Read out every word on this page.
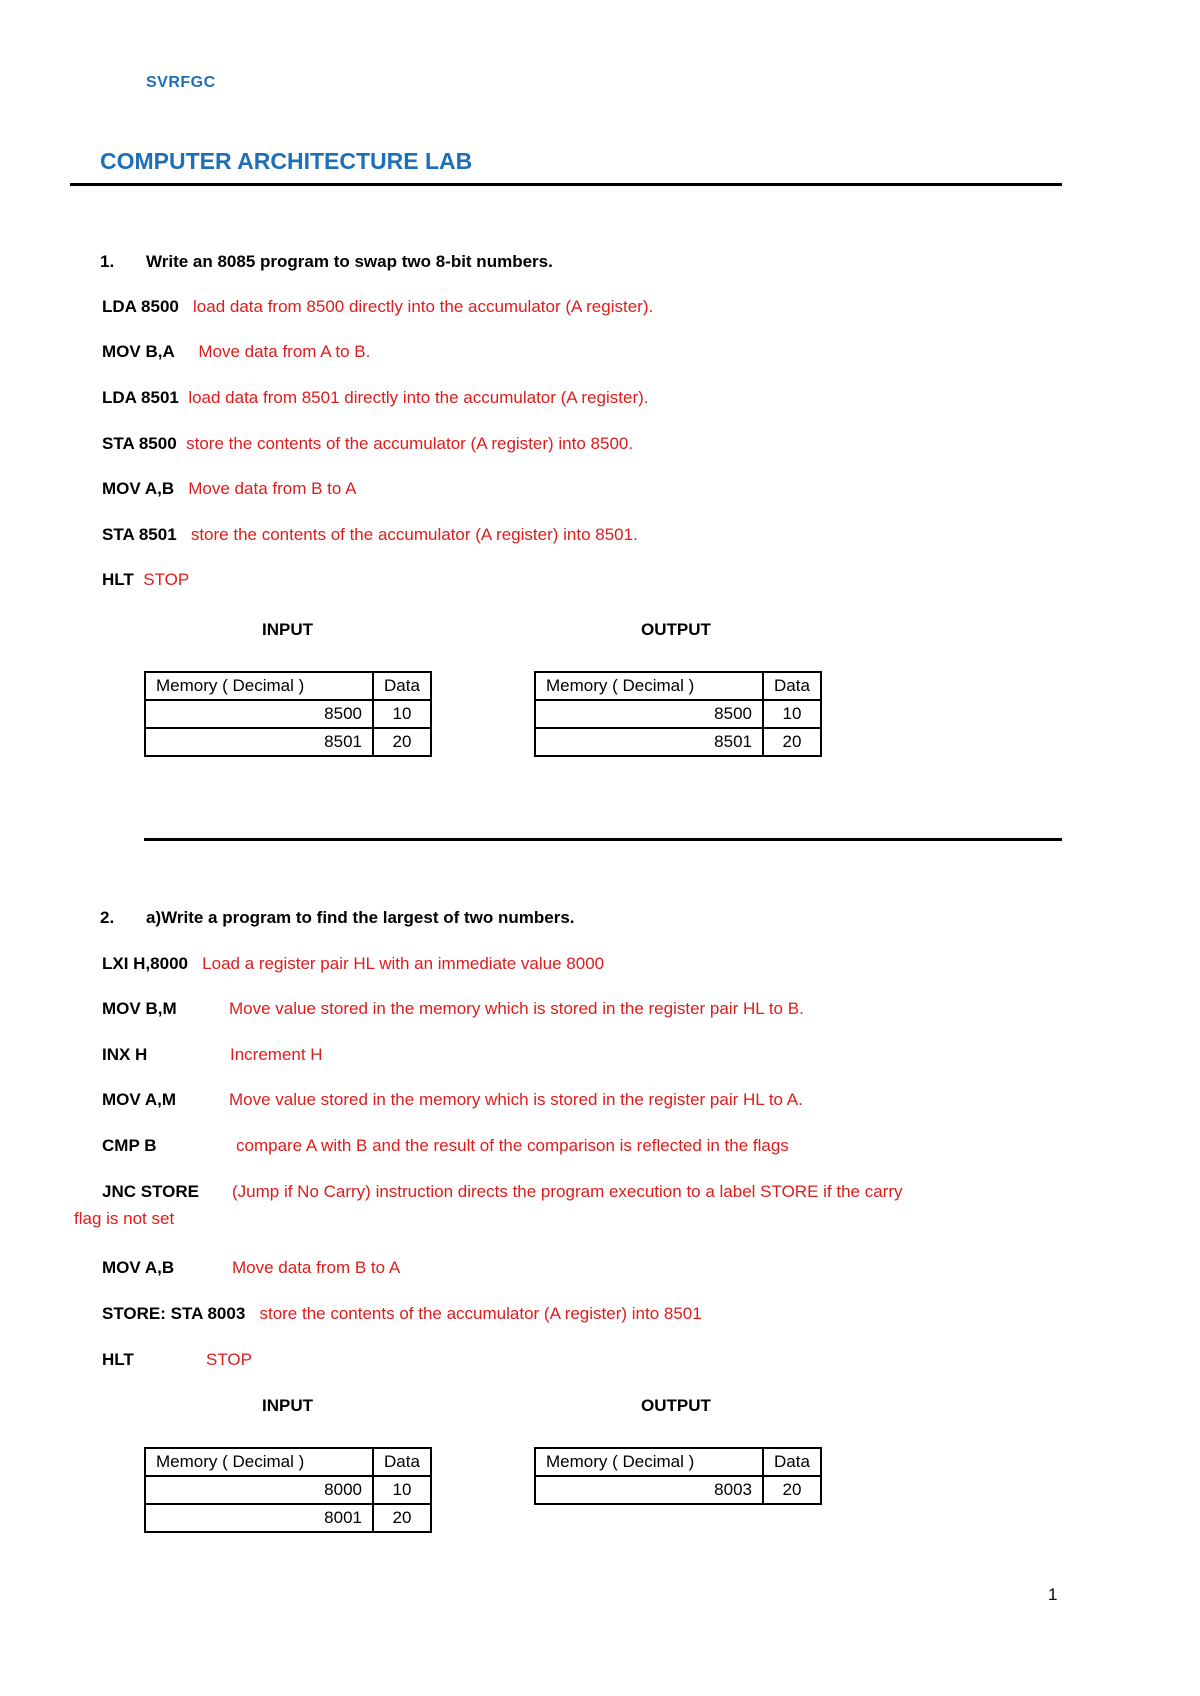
SVRFGC
COMPUTER ARCHITECTURE LAB
1. Write an 8085 program to swap two 8-bit numbers.
LDA 8500 load data from 8500 directly into the accumulator (A register).
MOV B,A Move data from A to B.
LDA 8501 load data from 8501 directly into the accumulator (A register).
STA 8500 store the contents of the accumulator (A register) into 8500.
MOV A,B Move data from B to A
STA 8501 store the contents of the accumulator (A register) into 8501.
HLT STOP
INPUT	OUTPUT
Memory ( Decimal )	Data
8500	10
8501	20
Memory ( Decimal )	Data
8500	10
8501	20
2. a)Write a program to find the largest of two numbers.
LXI H,8000 Load a register pair HL with an immediate value 8000
MOV B,M	Move value stored in the memory which is stored in the register pair HL to B.
INX H	Increment H
MOV A,M	Move value stored in the memory which is stored in the register pair HL to A.
CMP B	compare A with B and the result of the comparison is reflected in the flags
JNC STORE (Jump if No Carry) instruction directs the program execution to a label STORE if the carry
flag is not set
MOV A,B	Move data from B to A
STORE: STA 8003 store the contents of the accumulator (A register) into 8501
HLT	STOP
INPUT	OUTPUT
Memory ( Decimal )	Data
8000	10
8001	20
Memory ( Decimal )	Data
8003	20
1
